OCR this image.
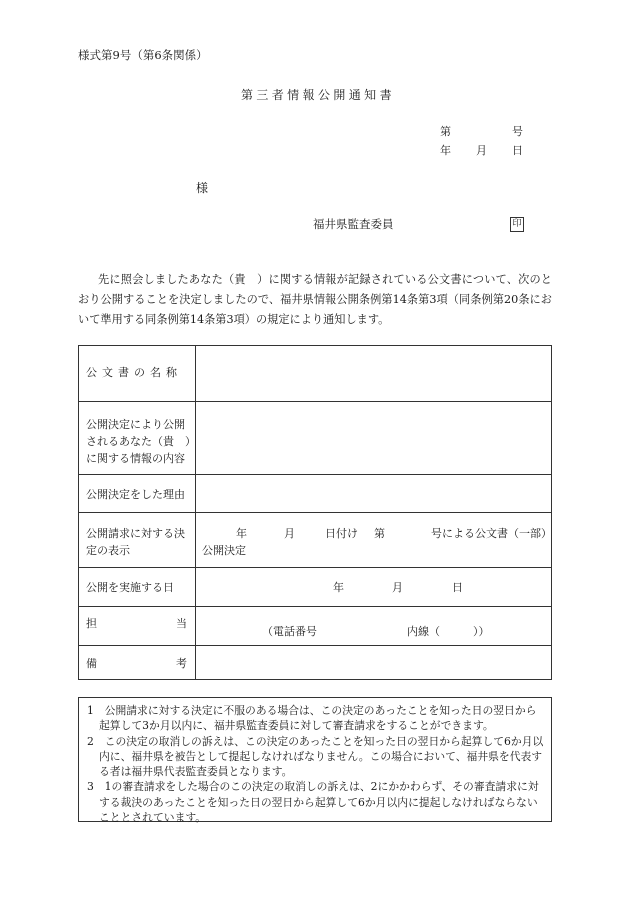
様式第9号（第6条関係）
第三者情報公開通知書
第	号
年 月 日
様
福井県監査委員	印
先に照会しましたあなた（貴　）に関する情報が記録されている公文書について、次のとおり公開することを決定しましたので、福井県情報公開条例第14条第3項（同条例第20条において準用する同条例第14条第3項）の規定により通知します。
公文書の名称	

公開決定により公開されるあなた（貴　）に関する情報の内容	

公開決定をした理由	

公開請求に対する決定の表示	年 月 日付け 第 号による公文書（一部）公開決定

公開を実施する日	年 月 日

担 当	（電話番号 内線（　　　））

備 考	

1　公開請求に対する決定に不服のある場合は、この決定のあったことを知った日の翌日から起算して3か月以内に、福井県監査委員に対して審査請求をすることができます。
2　この決定の取消しの訴えは、この決定のあったことを知った日の翌日から起算して6か月以内に、福井県を被告として提起しなければなりません。この場合において、福井県を代表する者は福井県代表監査委員となります。
3　1の審査請求をした場合のこの決定の取消しの訴えは、2にかかわらず、その審査請求に対する裁決のあったことを知った日の翌日から起算して6か月以内に提起しなければならないこととされています。
